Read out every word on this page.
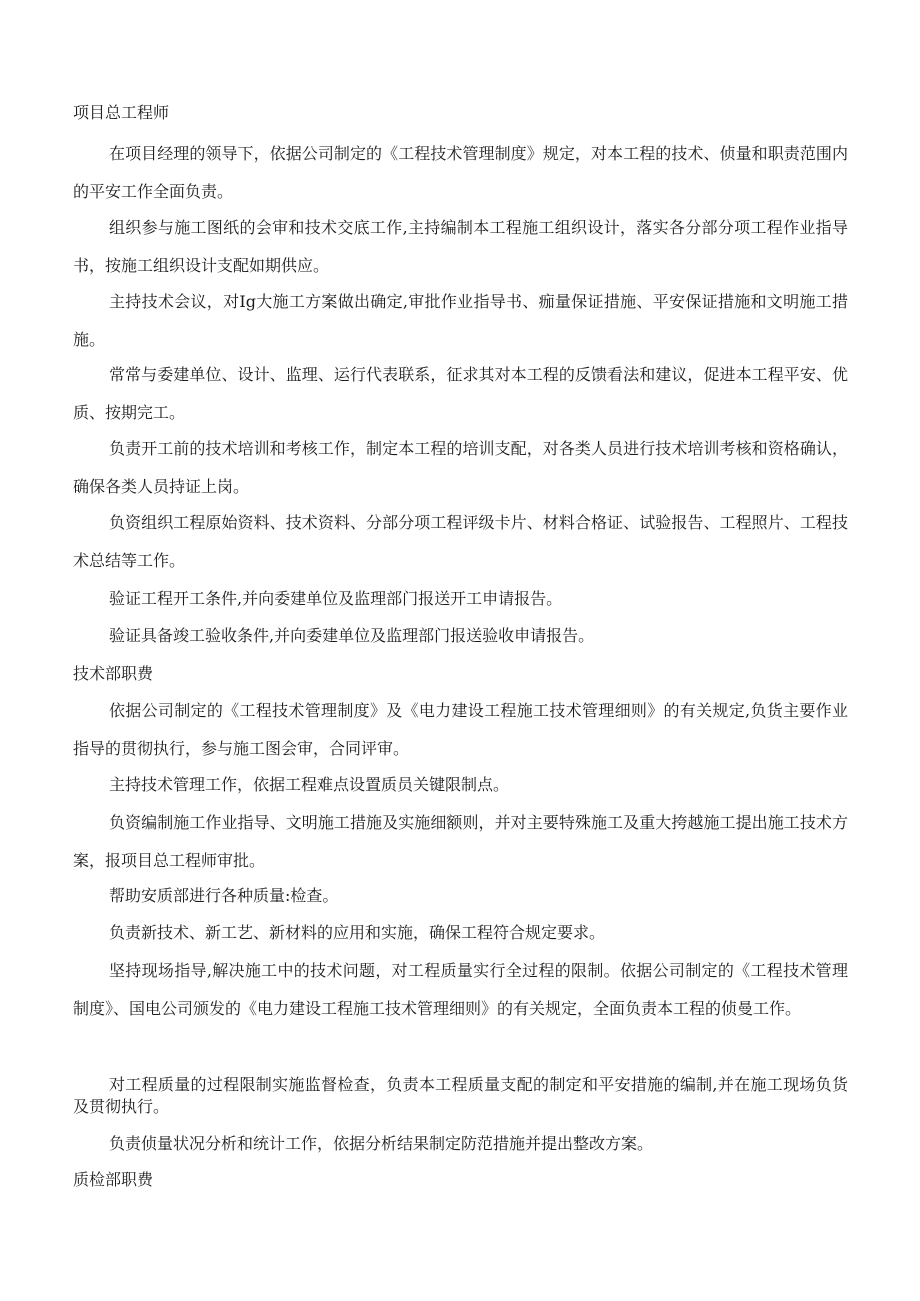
项目总工程师

在项目经理的领导下，依据公司制定的《工程技术管理制度》规定，对本工程的技术、侦量和职责范围内的平安工作全面负责。

组织参与施工图纸的会审和技术交底工作,主持编制本工程施工组织设计，落实各分部分项工程作业指导书，按施工组织设计支配如期供应。

主持技术会议，对Ig大施工方案做出确定,审批作业指导书、痂量保证措施、平安保证措施和文明施工措施。

常常与委建单位、设计、监理、运行代表联系，征求其对本工程的反馈看法和建议，促进本工程平安、优质、按期完工。

负责开工前的技术培训和考核工作，制定本工程的培训支配，对各类人员进行技术培训考核和资格确认，确保各类人员持证上岗。

负资组织工程原始资料、技术资料、分部分项工程评级卡片、材料合格证、试验报告、工程照片、工程技术总结等工作。

验证工程开工条件,并向委建单位及监理部门报送开工申请报告。

验证具备竣工验收条件,并向委建单位及监理部门报送验收申请报告。

技术部职费

依据公司制定的《工程技术管理制度》及《电力建设工程施工技术管理细则》的有关规定,负货主要作业指导的贯彻执行，参与施工图会审，合同评审。

主持技术管理工作，依据工程难点设置质员关键限制点。

负资编制施工作业指导、文明施工措施及实施细额则，并对主要特殊施工及重大挎越施工提出施工技术方案，报项目总工程师审批。

帮助安质部进行各种质量:检查。

负责新技术、新工艺、新材料的应用和实施，确保工程符合规定要求。

坚持现场指导,解决施工中的技术问题，对工程质量实行全过程的限制。依据公司制定的《工程技术管理制度》、国电公司颁发的《电力建设工程施工技术管理细则》的有关规定，全面负责本工程的侦曼工作。

对工程质量的过程限制实施监督检查，负责本工程质量支配的制定和平安措施的编制,并在施工现场负货及贯彻执行。

负责侦量状况分析和统计工作，依据分析结果制定防范措施并提出整改方案。

质检部职费
